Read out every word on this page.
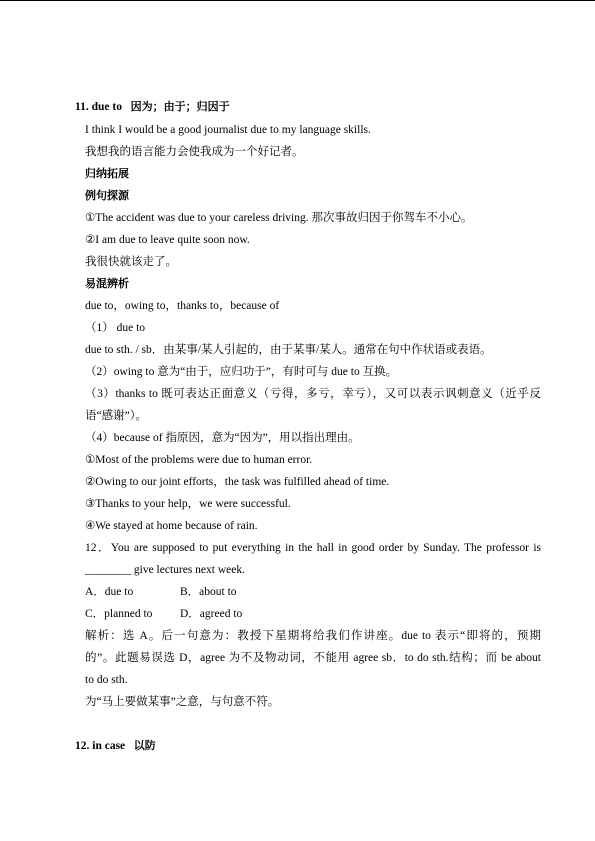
11. due to 因为；由于；归因于
I think I would be a good journalist due to my language skills.
我想我的语言能力会使我成为一个好记者。
归纳拓展
例句探源
①The accident was due to your careless driving. 那次事故归因于你驾车不小心。
②I am due to leave quite soon now.
我很快就该走了。
易混辨析
due to，owing to，thanks to，because of
（1） due to
due to sth. / sb．由某事/某人引起的，由于某事/某人。通常在句中作状语或表语。
（2）owing to 意为“由于，应归功于”，有时可与 due to 互换。
（3）thanks to 既可表达正面意义（亏得，多亏，幸亏），又可以表示讽刺意义（近乎反
语“感谢”）。
（4）because of 指原因，意为“因为”，用以指出理由。
①Most of the problems were due to human error.
②Owing to our joint efforts，the task was fulfilled ahead of time.
③Thanks to your help，we were successful.
④We stayed at home because of rain.
12．You are supposed to put everything in the hall in good order by Sunday. The professor is
________ give lectures next week.
A．due to	B．about to
C．planned to D．agreed to
解析：选 A。后一句意为：教授下星期将给我们作讲座。due to 表示“即将的，预期
的”。此题易误选 D，agree 为不及物动词，不能用 agree sb．to do sth.结构；而 be about
to do sth.
为“马上要做某事”之意，与句意不符。
12. in case 以防
